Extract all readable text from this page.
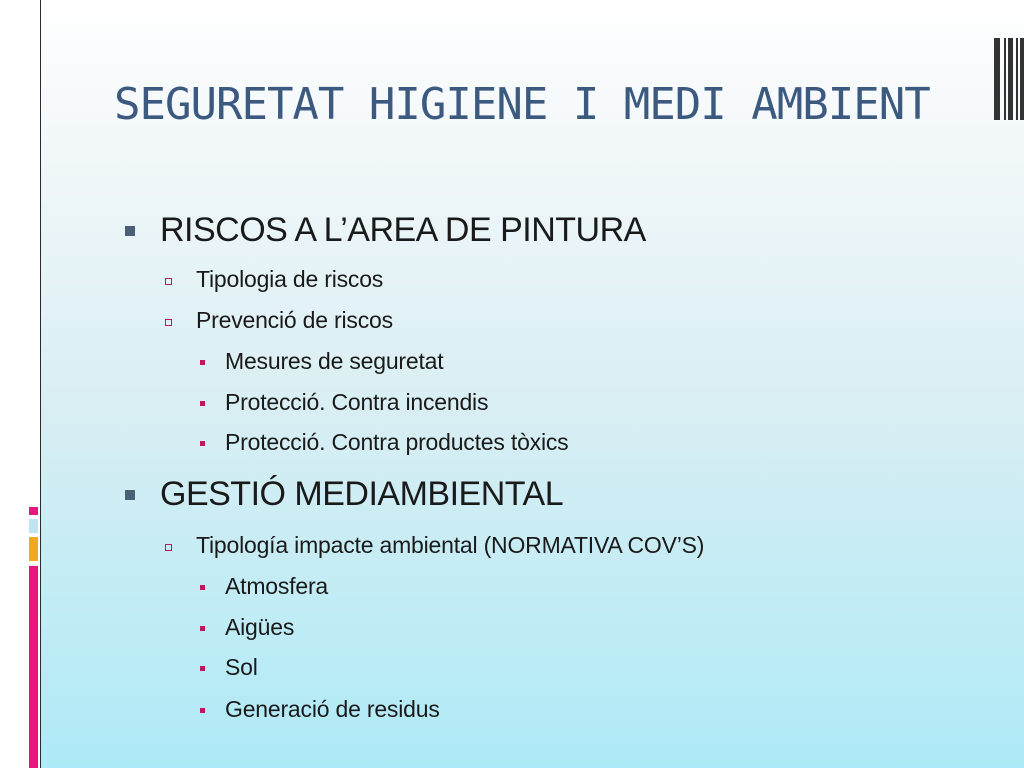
SEGURETAT HIGIENE I MEDI AMBIENT
RISCOS A L’AREA DE PINTURA
Tipologia de riscos
Prevenció de riscos
Mesures de seguretat
Protecció. Contra incendis
Protecció. Contra productes tòxics
GESTIÓ MEDIAMBIENTAL
Tipología impacte ambiental (NORMATIVA COV’S)
Atmosfera
Aigües
Sol
Generació de residus
